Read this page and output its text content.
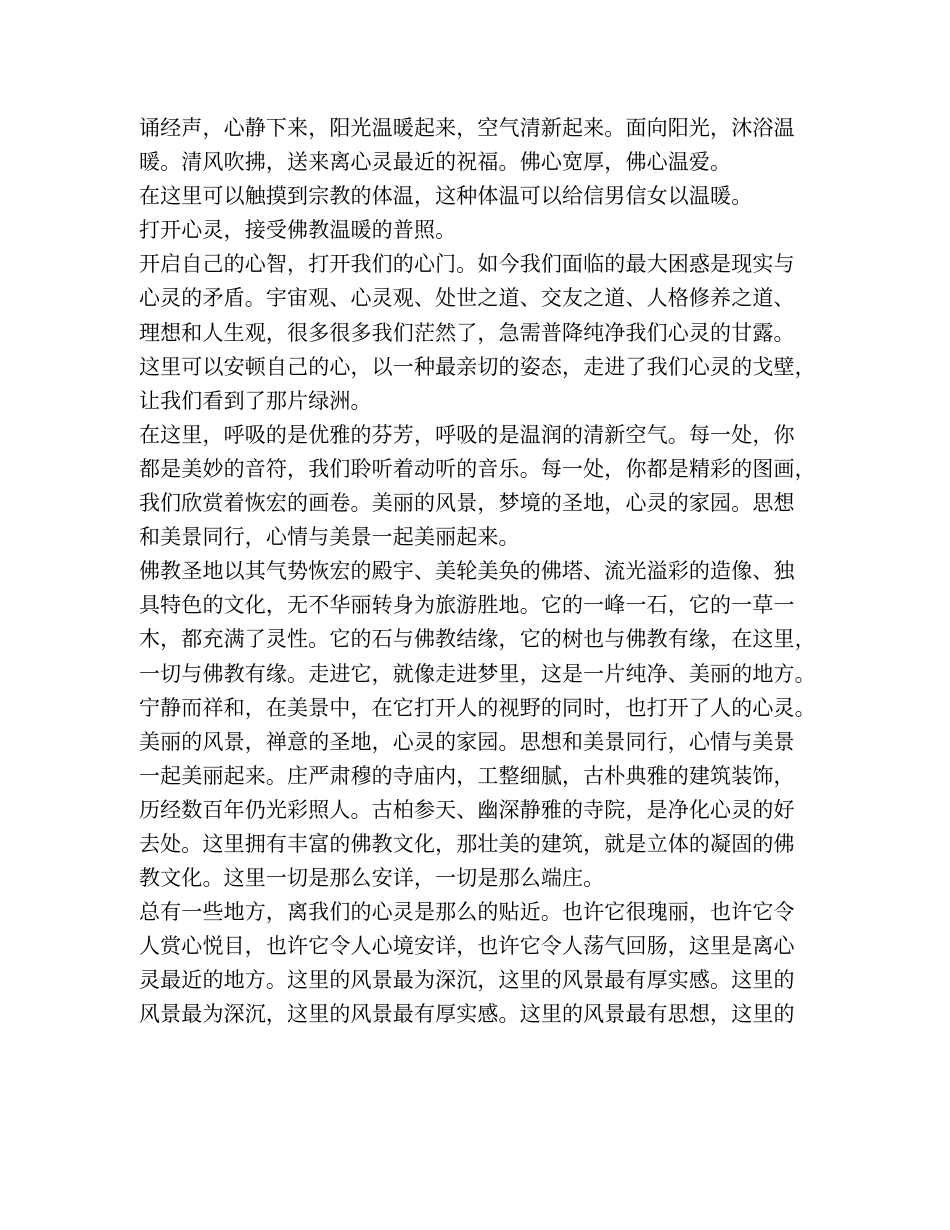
诵经声，心静下来，阳光温暖起来，空气清新起来。面向阳光，沐浴温
暖。清风吹拂，送来离心灵最近的祝福。佛心宽厚，佛心温爱。
在这里可以触摸到宗教的体温，这种体温可以给信男信女以温暖。
打开心灵，接受佛教温暖的普照。
开启自己的心智，打开我们的心门。如今我们面临的最大困惑是现实与
心灵的矛盾。宇宙观、心灵观、处世之道、交友之道、人格修养之道、
理想和人生观，很多很多我们茫然了，急需普降纯净我们心灵的甘露。
这里可以安顿自己的心，以一种最亲切的姿态，走进了我们心灵的戈壁，
让我们看到了那片绿洲。
在这里，呼吸的是优雅的芬芳，呼吸的是温润的清新空气。每一处，你
都是美妙的音符，我们聆听着动听的音乐。每一处，你都是精彩的图画，
我们欣赏着恢宏的画卷。美丽的风景，梦境的圣地，心灵的家园。思想
和美景同行，心情与美景一起美丽起来。
佛教圣地以其气势恢宏的殿宇、美轮美奂的佛塔、流光溢彩的造像、独
具特色的文化，无不华丽转身为旅游胜地。它的一峰一石，它的一草一
木，都充满了灵性。它的石与佛教结缘，它的树也与佛教有缘，在这里，
一切与佛教有缘。走进它，就像走进梦里，这是一片纯净、美丽的地方。
宁静而祥和，在美景中，在它打开人的视野的同时，也打开了人的心灵。
美丽的风景，禅意的圣地，心灵的家园。思想和美景同行，心情与美景
一起美丽起来。庄严肃穆的寺庙内，工整细腻，古朴典雅的建筑装饰，
历经数百年仍光彩照人。古柏参天、幽深静雅的寺院，是净化心灵的好
去处。这里拥有丰富的佛教文化，那壮美的建筑，就是立体的凝固的佛
教文化。这里一切是那么安详，一切是那么端庄。
总有一些地方，离我们的心灵是那么的贴近。也许它很瑰丽，也许它令
人赏心悦目，也许它令人心境安详，也许它令人荡气回肠，这里是离心
灵最近的地方。这里的风景最为深沉，这里的风景最有厚实感。这里的
风景最为深沉，这里的风景最有厚实感。这里的风景最有思想，这里的
